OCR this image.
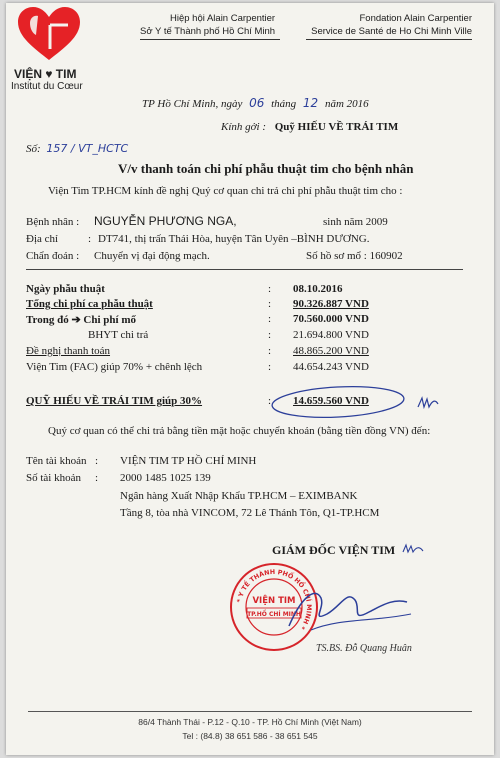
VIỆN ♥ TIM
Institut du Cœur
Hiệp hội Alain Carpentier
Sở Y tế Thành phố Hồ Chí Minh
Fondation Alain Carpentier
Service de Santé de Ho Chi Minh Ville
TP Hồ Chí Minh, ngày 06 tháng 12 năm 2016
Kính gởi : Quỹ HIẾU VỀ TRÁI TIM
Số: 157 / VT_HCTC
V/v thanh toán chi phí phẫu thuật tim cho bệnh nhân
Viện Tim TP.HCM kính đề nghị Quý cơ quan chi trả chi phí phẫu thuật tim cho :
Bệnh nhân : NGUYỄN PHƯƠNG NGA,	sinh năm 2009
Địa chỉ	: DT741, thị trấn Thái Hòa, huyện Tân Uyên –BÌNH DƯƠNG.
Chẩn đoán : Chuyển vị đại động mạch.	Số hồ sơ mổ : 160902
Ngày phẫu thuật	: 08.10.2016
Tổng chi phí ca phẫu thuật	: 90.326.887 VND
Trong đó ➔ Chi phí mổ	: 70.560.000 VND
BHYT chi trả	: 21.694.800 VND
Đề nghị thanh toán	: 48.865.200 VND
Viện Tim (FAC) giúp 70% + chênh lệch	: 44.654.243 VND
QUỸ HIẾU VỀ TRÁI TIM giúp 30%	: 14.659.560 VND
Quý cơ quan có thể chi trả bằng tiền mặt hoặc chuyển khoản (bằng tiền đồng VN) đến:
Tên tài khoản : VIỆN TIM TP HỒ CHÍ MINH
Số tài khoản : 2000 1485 1025 139
Ngân hàng Xuất Nhập Khẩu TP.HCM – EXIMBANK
Tầng 8, tòa nhà VINCOM, 72 Lê Thánh Tôn, Q1-TP.HCM
GIÁM ĐỐC VIỆN TIM
* Y TẾ THÀNH PHỐ HỒ CHÍ MINH *
VIỆN TIM
TP.HỒ CHÍ MINH
TS.BS. Đỗ Quang Huân
86/4 Thành Thái - P.12 - Q.10 - TP. Hồ Chí Minh (Việt Nam)
Tel : (84.8) 38 651 586 - 38 651 545
